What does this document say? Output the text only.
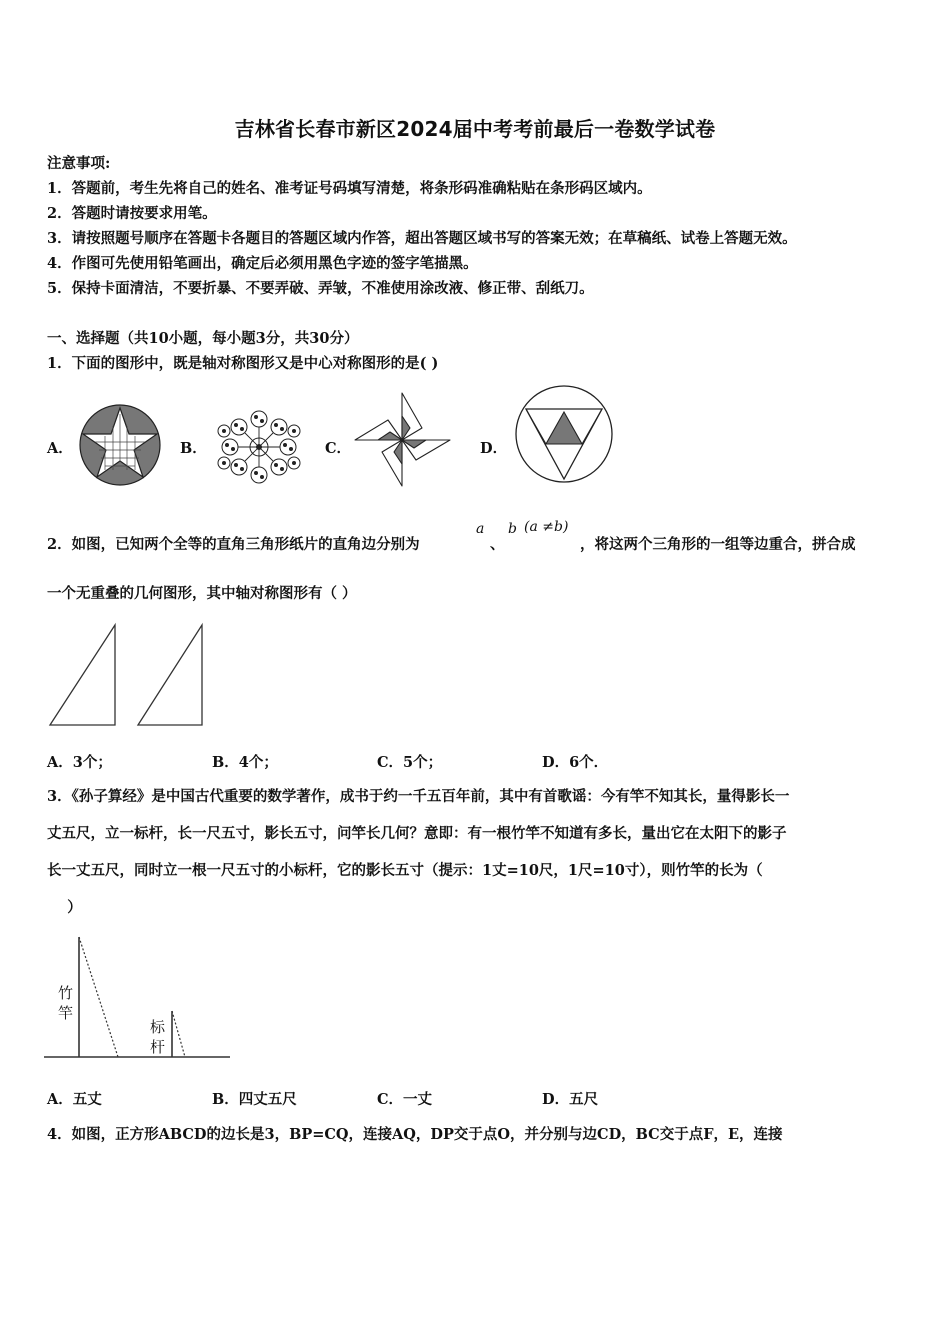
吉林省长春市新区2024届中考考前最后一卷数学试卷
注意事项:
1．答题前，考生先将自己的姓名、准考证号码填写清楚，将条形码准确粘贴在条形码区域内。
2．答题时请按要求用笔。
3．请按照题号顺序在答题卡各题目的答题区域内作答，超出答题区域书写的答案无效；在草稿纸、试卷上答题无效。
4．作图可先使用铅笔画出，确定后必须用黑色字迹的签字笔描黑。
5．保持卡面清洁，不要折暴、不要弄破、弄皱，不准使用涂改液、修正带、刮纸刀。
一、选择题（共10小题，每小题3分，共30分）
1．下面的图形中，既是轴对称图形又是中心对称图形的是( )
A．	B．	C．	D．
2．如图，已知两个全等的直角三角形纸片的直角边分别为
a
、
b (a ≠b)
，将这两个三角形的一组等边重合，拼合成
一个无重叠的几何图形，其中轴对称图形有（ ）
A．3个；	B．4个；	C．5个；	D．6个．
3．《孙子算经》是中国古代重要的数学著作，成书于约一千五百年前，其中有首歌谣：今有竿不知其长，量得影长一
丈五尺，立一标杆，长一尺五寸，影长五寸，问竿长几何？意即：有一根竹竿不知道有多长，量出它在太阳下的影子
长一丈五尺，同时立一根一尺五寸的小标杆，它的影长五寸（提示：1丈=10尺，1尺=10寸），则竹竿的长为（
）
竹
竿
标
杆
A．五丈	B．四丈五尺	C．一丈	D．五尺
4．如图，正方形ABCD的边长是3，BP=CQ，连接AQ，DP交于点O，并分别与边CD，BC交于点F，E，连接
